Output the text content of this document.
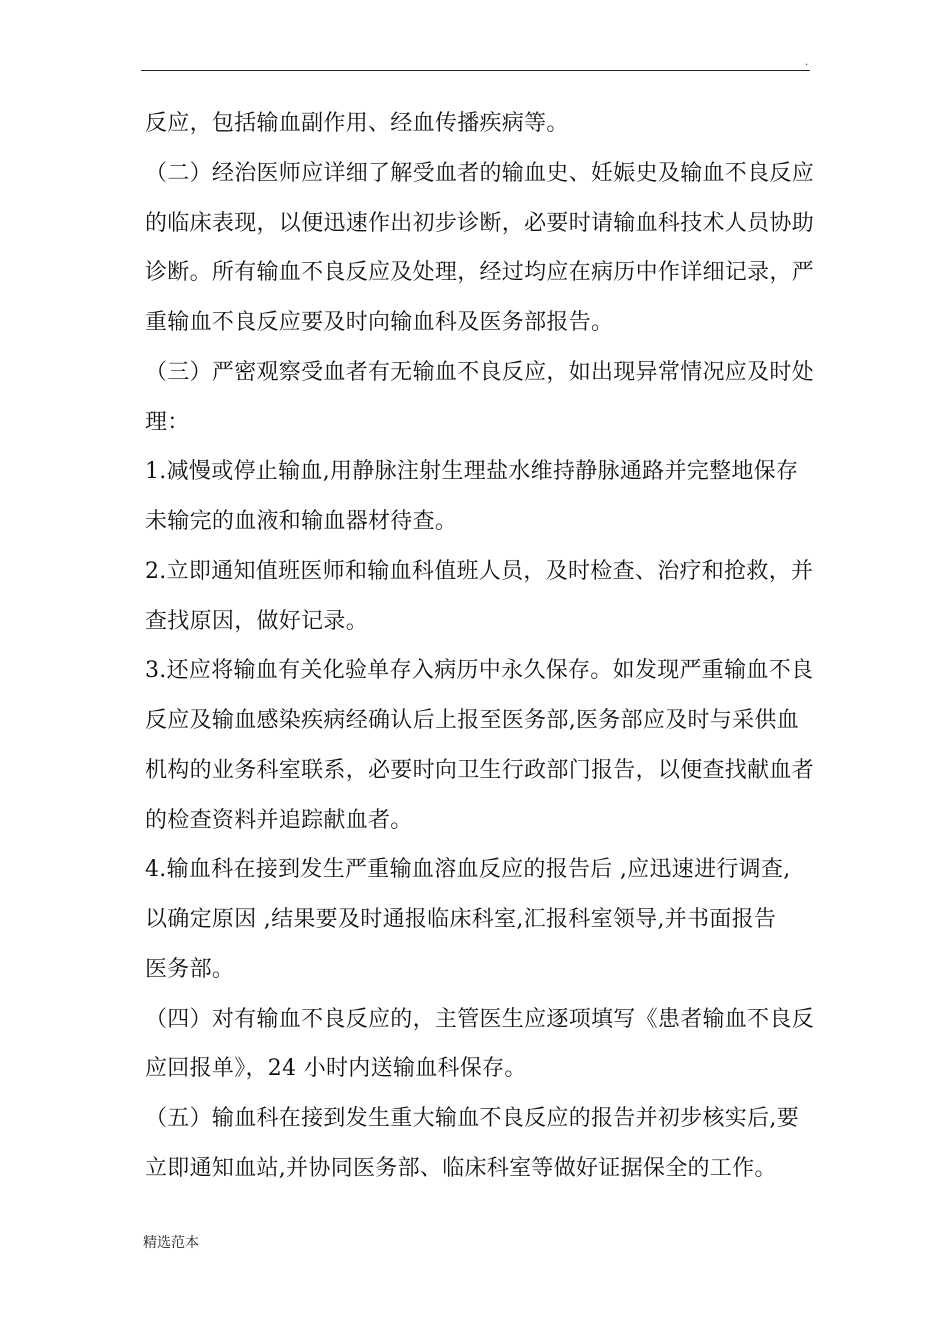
.
反应，包括输血副作用、经血传播疾病等。
（二）经治医师应详细了解受血者的输血史、妊娠史及输血不良反应
的临床表现，以便迅速作出初步诊断，必要时请输血科技术人员协助
诊断。所有输血不良反应及处理，经过均应在病历中作详细记录，严
重输血不良反应要及时向输血科及医务部报告。
（三）严密观察受血者有无输血不良反应，如出现异常情况应及时处
理：
1.减慢或停止输血,用静脉注射生理盐水维持静脉通路并完整地保存
未输完的血液和输血器材待查。
2.立即通知值班医师和输血科值班人员，及时检查、治疗和抢救，并
查找原因，做好记录。
3.还应将输血有关化验单存入病历中永久保存。如发现严重输血不良
反应及输血感染疾病经确认后上报至医务部,医务部应及时与采供血
机构的业务科室联系，必要时向卫生行政部门报告，以便查找献血者
的检查资料并追踪献血者。
4.输血科在接到发生严重输血溶血反应的报告后 ,应迅速进行调查,
以确定原因 ,结果要及时通报临床科室,汇报科室领导,并书面报告
医务部。
（四）对有输血不良反应的，主管医生应逐项填写《患者输血不良反
应回报单》，24 小时内送输血科保存。
（五）输血科在接到发生重大输血不良反应的报告并初步核实后,要
立即通知血站,并协同医务部、临床科室等做好证据保全的工作。
精选范本
